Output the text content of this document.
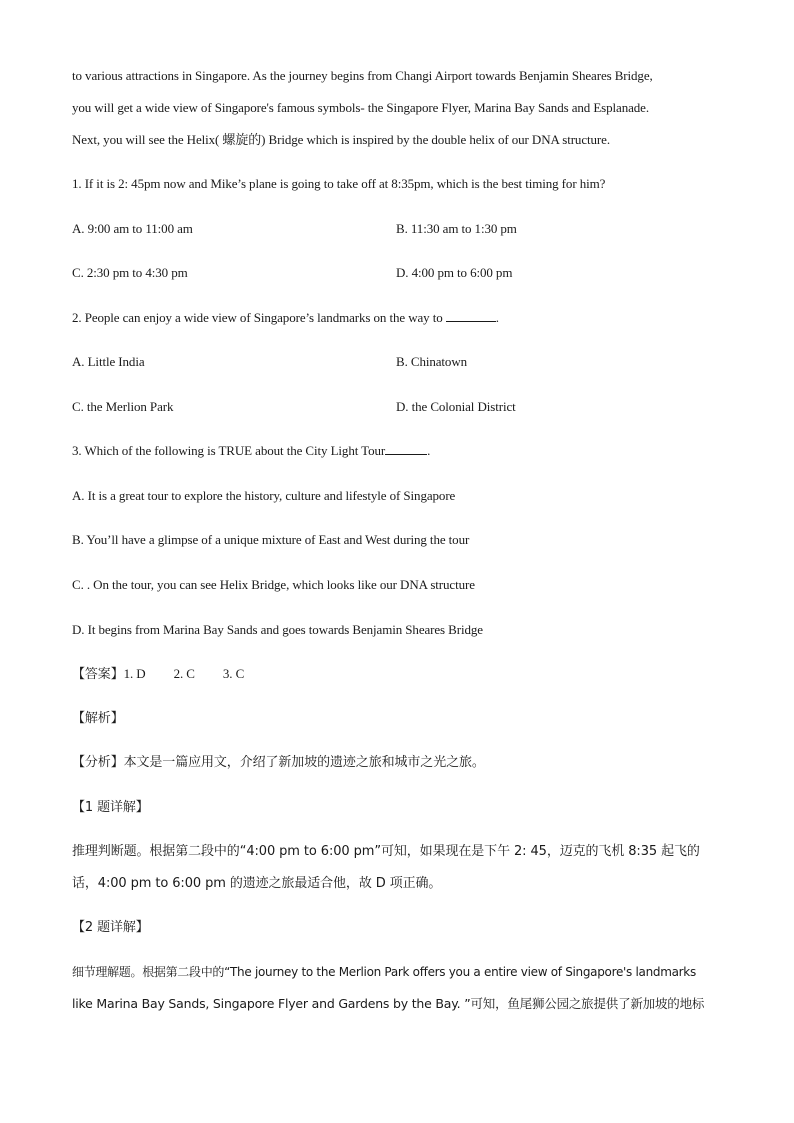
to various attractions in Singapore. As the journey begins from Changi Airport towards Benjamin Sheares Bridge,
you will get a wide view of Singapore's famous symbols- the Singapore Flyer, Marina Bay Sands and Esplanade.
Next, you will see the Helix( 螺旋的) Bridge which is inspired by the double helix of our DNA structure.
1. If it is 2: 45pm now and Mike’s plane is going to take off at 8:35pm, which is the best timing for him?
A. 9:00 am to 11:00 am	B. 11:30 am to 1:30 pm
C. 2:30 pm to 4:30 pm	D. 4:00 pm to 6:00 pm
2. People can enjoy a wide view of Singapore’s landmarks on the way to	.
A. Little India	B. Chinatown
C. the Merlion Park	D. the Colonial District
3. Which of the following is TRUE about the City Light Tour	.
A. It is a great tour to explore the history, culture and lifestyle of Singapore
B. You’ll have a glimpse of a unique mixture of East and West during the tour
C. . On the tour, you can see Helix Bridge, which looks like our DNA structure
D. It begins from Marina Bay Sands and goes towards Benjamin Sheares Bridge
【答案】1. D 2. C 3. C
【解析】
【分析】本文是一篇应用文，介绍了新加坡的遗迹之旅和城市之光之旅。
【1 题详解】
推理判断题。根据第二段中的“4:00 pm to 6:00 pm”可知，如果现在是下午 2: 45，迈克的飞机 8:35 起飞的
话，4:00 pm to 6:00 pm 的遗迹之旅最适合他，故 D 项正确。
【2 题详解】
细节理解题。根据第二段中的“The journey to the Merlion Park offers you a entire view of Singapore's landmarks
like Marina Bay Sands, Singapore Flyer and Gardens by the Bay. ”可知，鱼尾狮公园之旅提供了新加坡的地标
